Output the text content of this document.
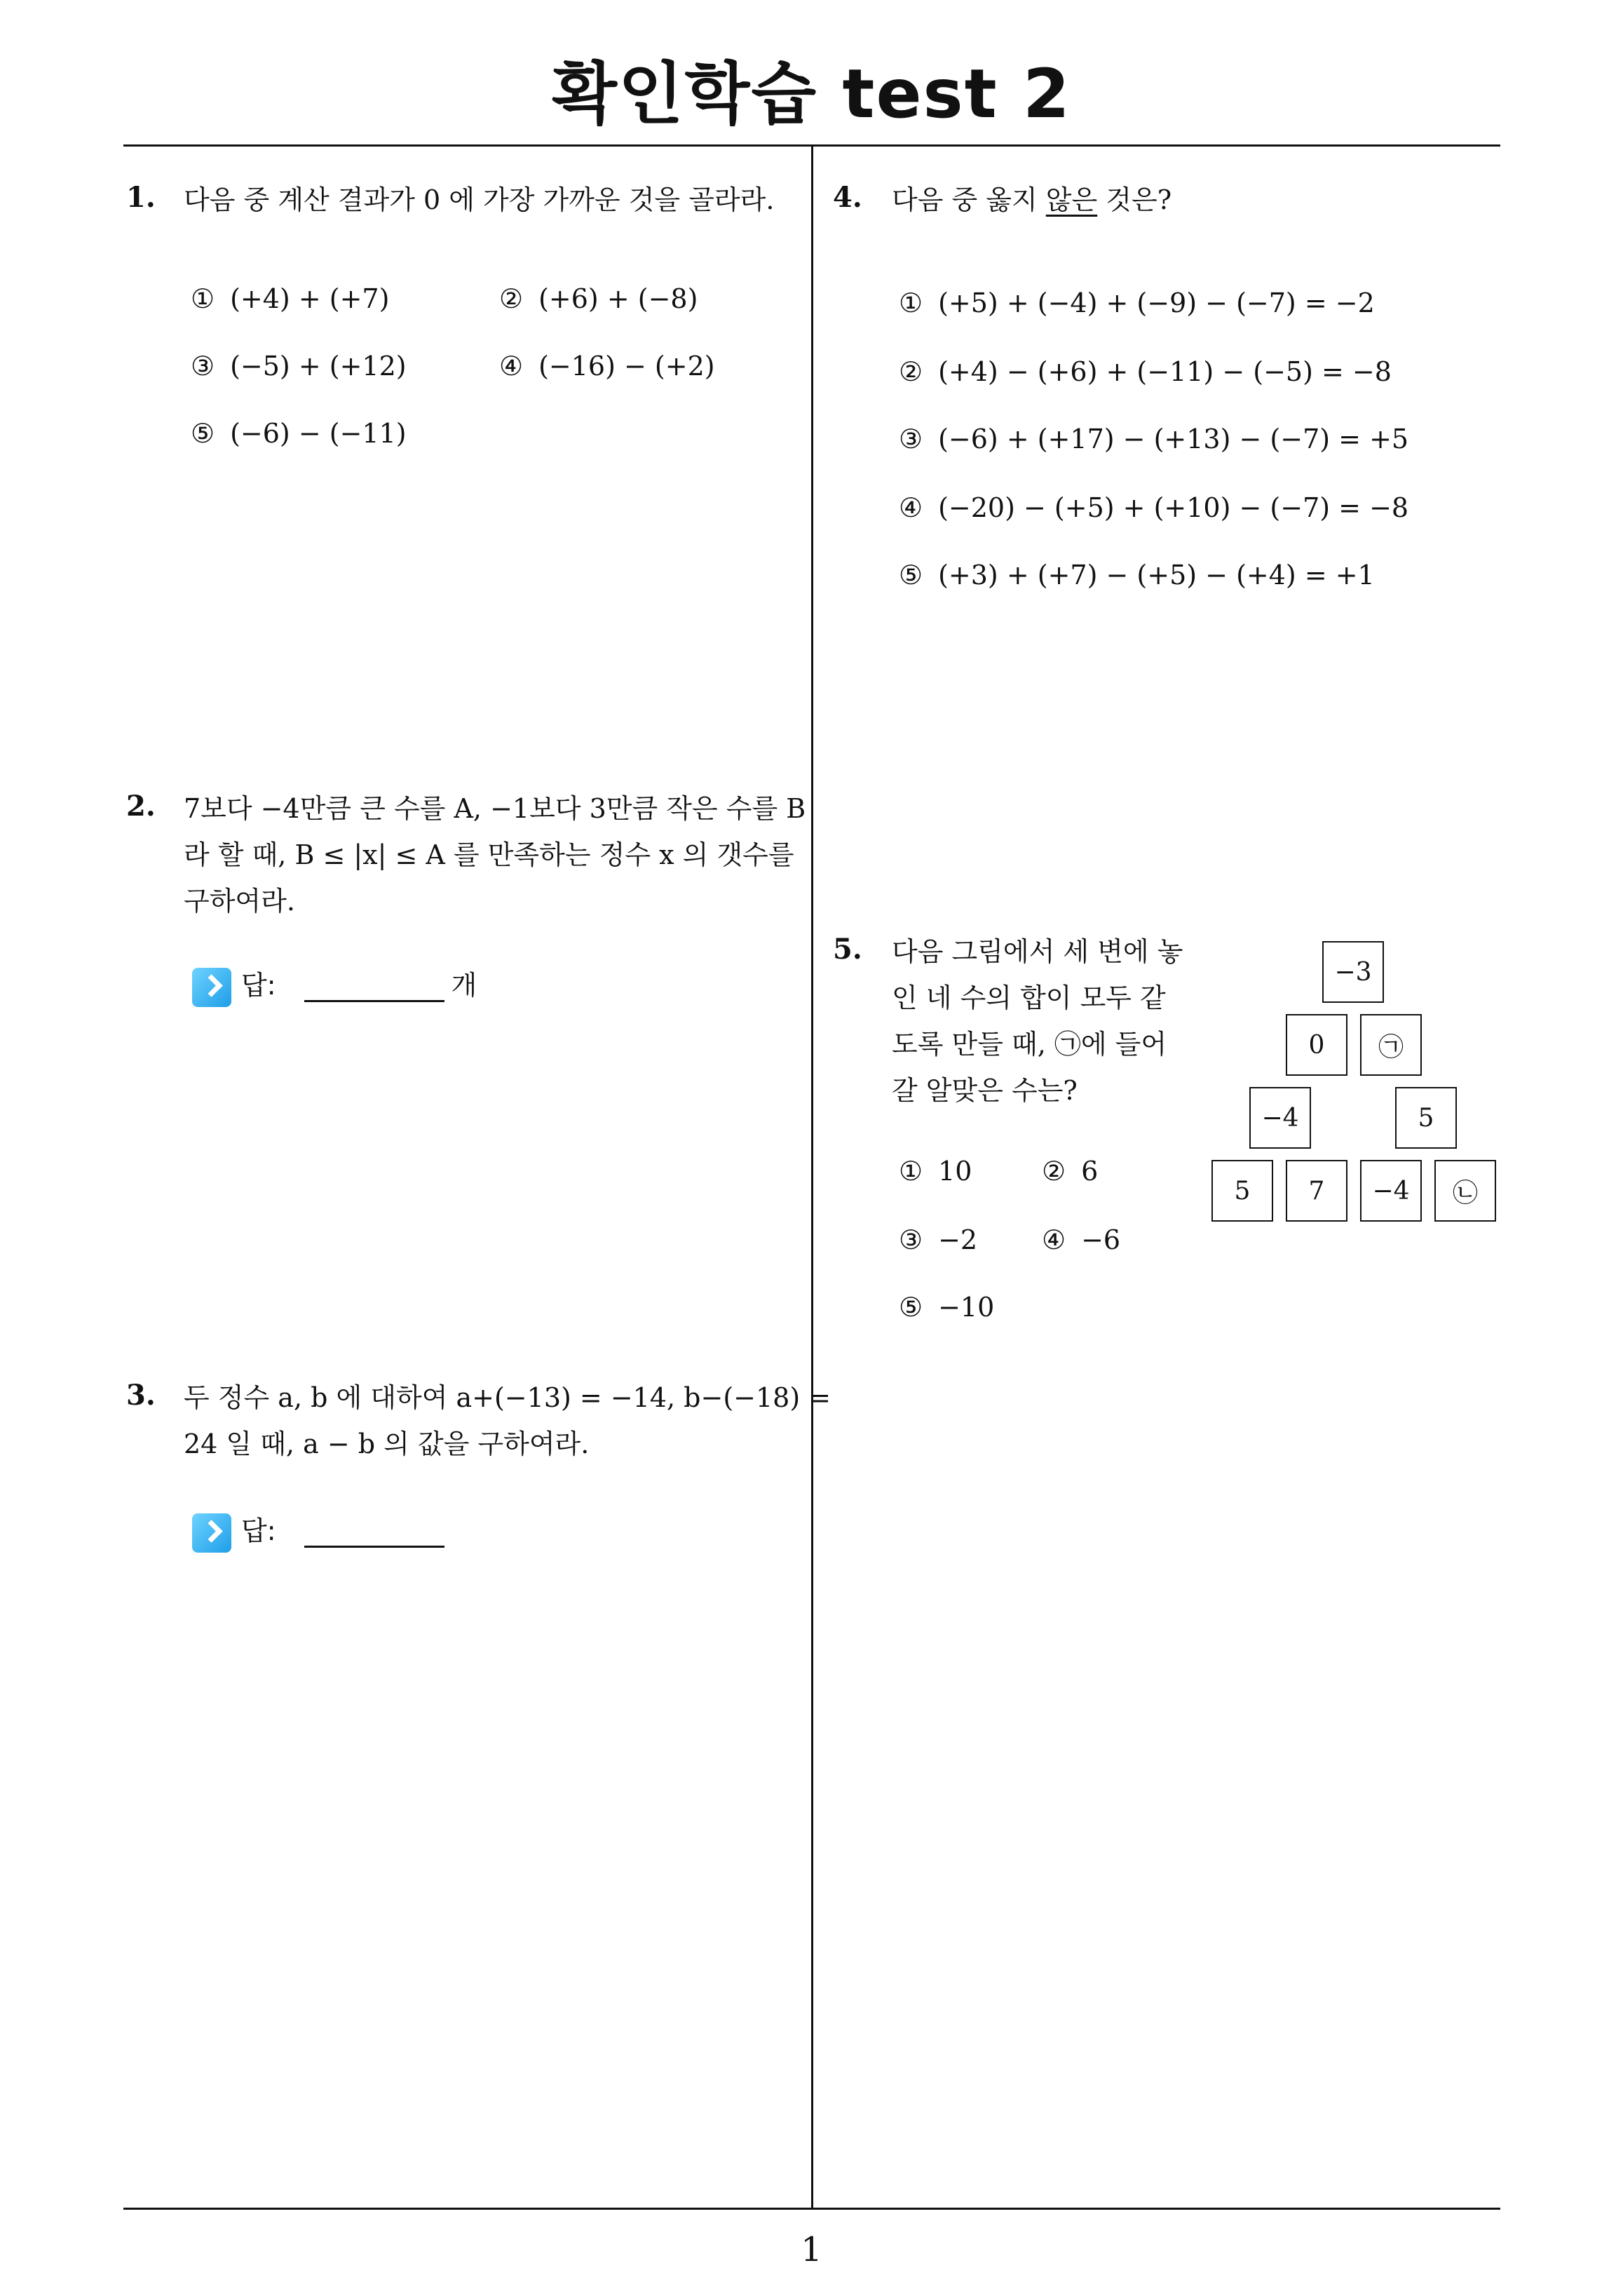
확인학습 test 2
1
1. 다음 중 계산 결과가 0 에 가장 가까운 것을 골라라.
① (+4) + (+7)	② (+6) + (−8)
③ (−5) + (+12)	④ (−16) − (+2)
⑤ (−6) − (−11)
2. 7보다 −4만큼 큰 수를 A, −1보다 3만큼 작은 수를 B
라 할 때, B ≤ |x| ≤ A 를 만족하는 정수 x 의 갯수를
구하여라.
답:	개
3. 두 정수 a, b 에 대하여 a+(−13) = −14, b−(−18) =
24 일 때, a − b 의 값을 구하여라.
답:
4. 다음 중 옳지 않은 것은?
① (+5) + (−4) + (−9) − (−7) = −2
② (+4) − (+6) + (−11) − (−5) = −8
③ (−6) + (+17) − (+13) − (−7) = +5
④ (−20) − (+5) + (+10) − (−7) = −8
⑤ (+3) + (+7) − (+5) − (+4) = +1
5. 다음 그림에서 세 변에 놓
인 네 수의 합이 모두 같
도록 만들 때, ㉠에 들어
갈 알맞은 수는?
① 10	② 6
③ −2 ④ −6
⑤ −10
−3
0	㉠
−4	5
5	7	−4	㉡
